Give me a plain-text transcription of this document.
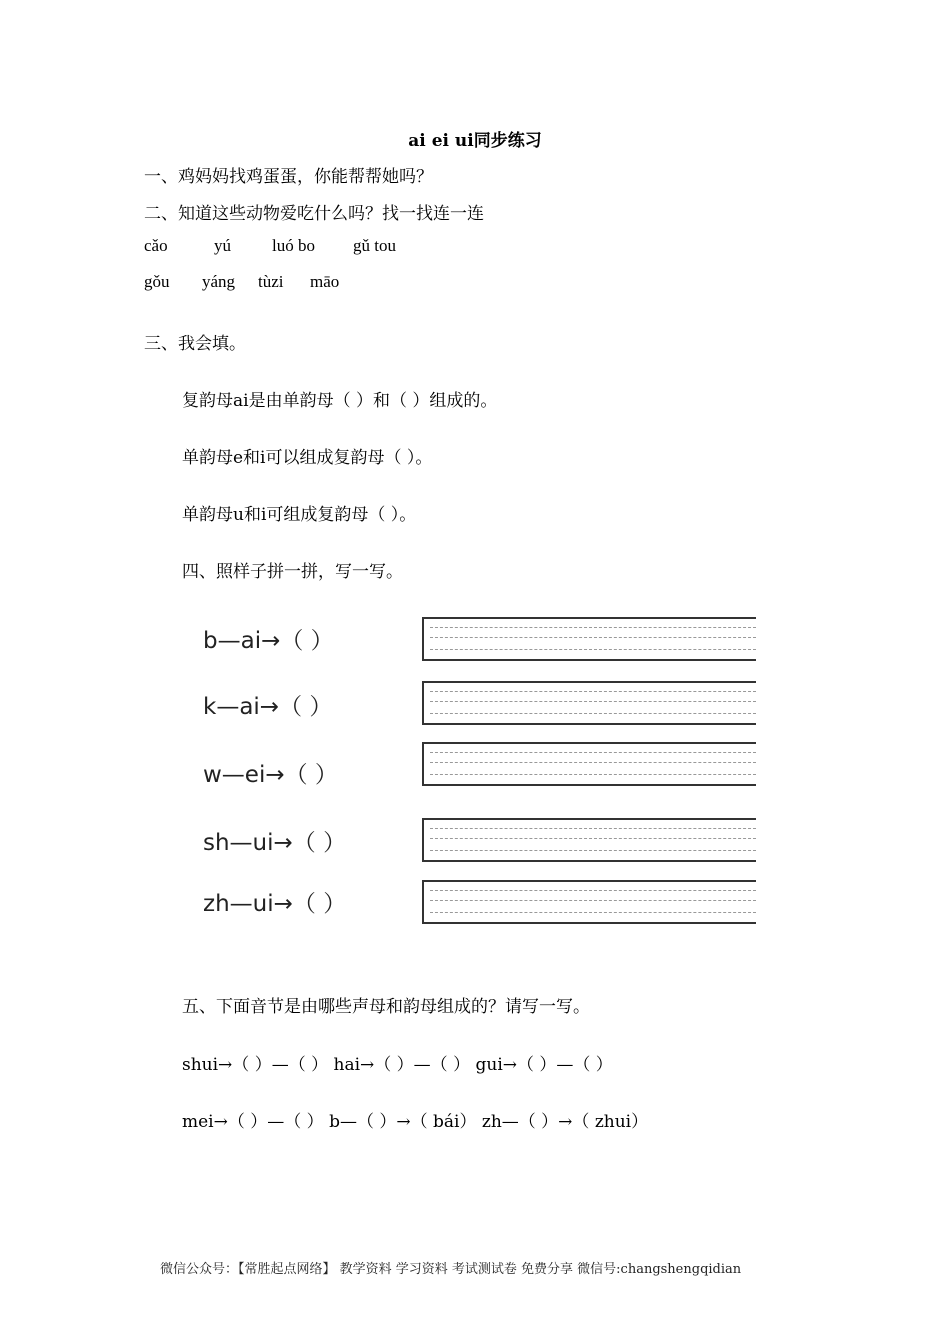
ai ei ui同步练习
一、鸡妈妈找鸡蛋蛋，你能帮帮她吗？
二、知道这些动物爱吃什么吗？找一找连一连
cǎo	yú luó bo gǔ tou
gǒu yáng tùzi māo
三、我会填。
复韵母ai是由单韵母（ ）和（ ）组成的。
单韵母e和i可以组成复韵母（ ）。
单韵母u和i可组成复韵母（ ）。
四、照样子拼一拼，写一写。
b—ai→（ ）
k—ai→（ ）
w—ei→（ ）
sh—ui→（ ）
zh—ui→（ ）
五、下面音节是由哪些声母和韵母组成的？请写一写。
shui→（ ）—（ ） hai→（ ）—（ ） gui→（ ）—（ ）
mei→（ ）—（ ） b—（ ）→（ bái） zh—（ ）→（ zhui）
微信公众号：【常胜起点网络】 教学资料 学习资料 考试测试卷 免费分享 微信号:changshengqidian
